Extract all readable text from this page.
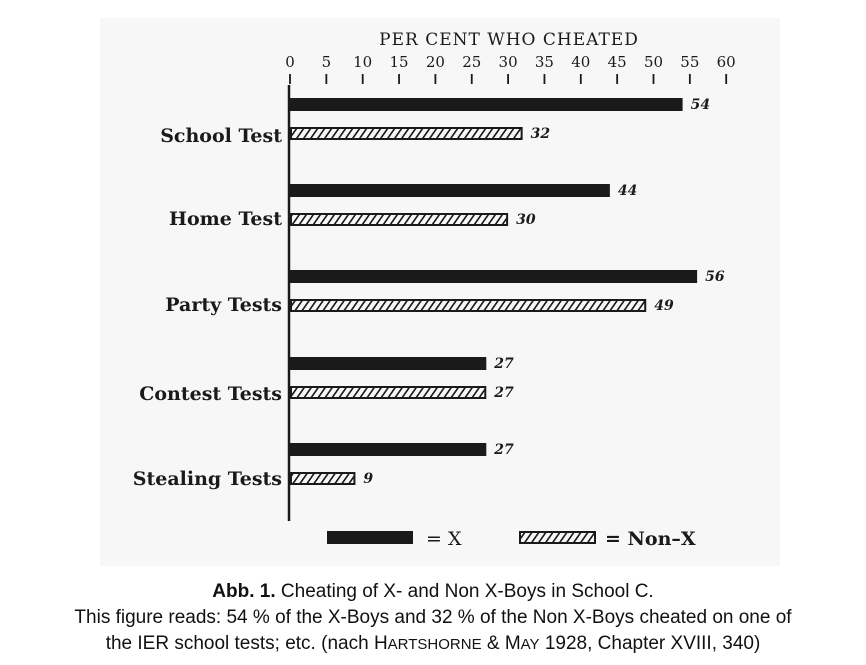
PER CENT WHO CHEATED
0 5 10 15 20 25 30 35 40 45 50 55 60
School Test
54
32
Home Test
44
30
Party Tests
56
49
Contest Tests
27
27
Stealing Tests
27
9
= X	= Non–X
Abb. 1. Cheating of X- and Non X-Boys in School C.
This figure reads: 54 % of the X-Boys and 32 % of the Non X-Boys cheated on one of
the IER school tests; etc. (nach HARTSHORNE & MAY 1928, Chapter XVIII, 340)
